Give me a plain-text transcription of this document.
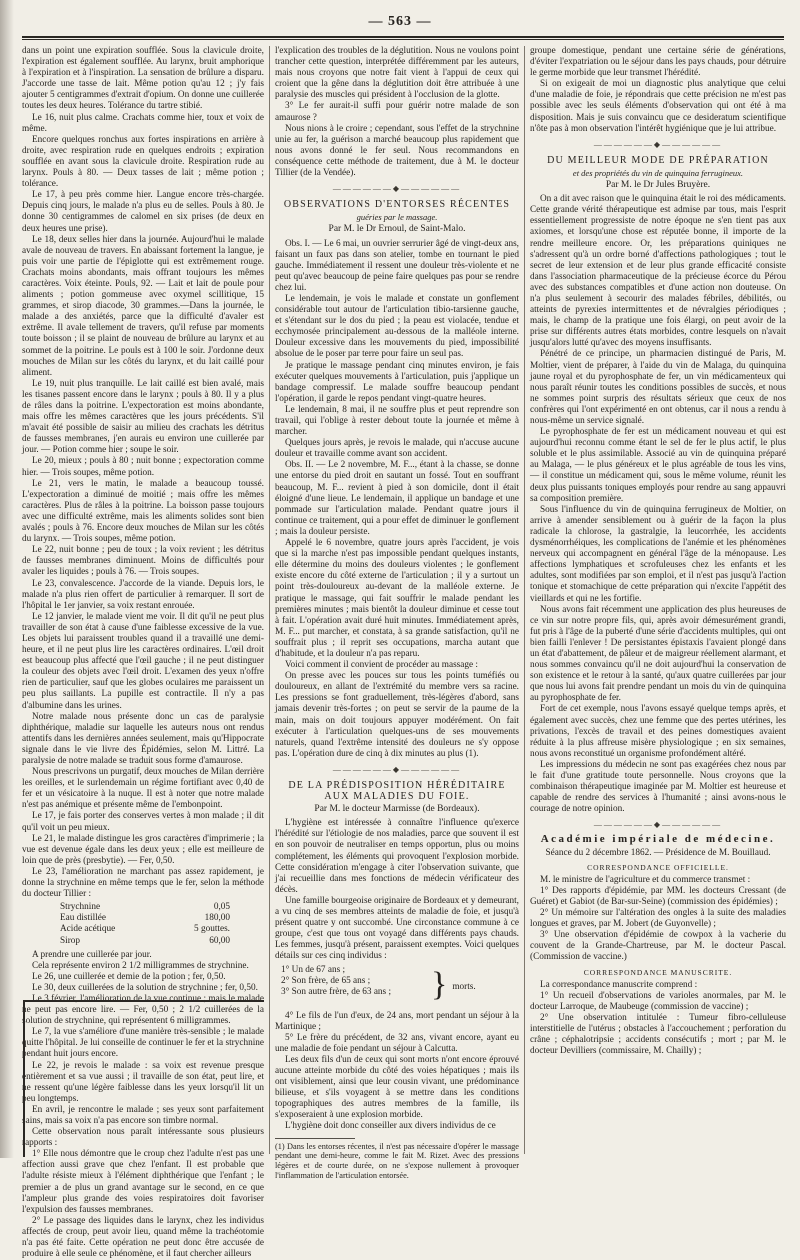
— 563 —

dans un point une expiration soufflée. Sous la clavicule droite, l'expiration est également soufflée. Au larynx, bruit amphorique à l'expiration et à l'inspiration. La sensation de brûlure a disparu. J'accorde une tasse de lait. Même potion qu'au 12 ; j'y fais ajouter 5 centigrammes d'extrait d'opium. On donne une cuillerée toutes les deux heures. Tolérance du tartre stibié.

Le 16, nuit plus calme. Crachats comme hier, toux et voix de même.

Encore quelques ronchus aux fortes inspirations en arrière à droite, avec respiration rude en quelques endroits ; expiration soufflée en avant sous la clavicule droite. Respiration rude au larynx. Pouls à 80. — Deux tasses de lait ; même potion ; tolérance.

Le 17, à peu près comme hier. Langue encore très-chargée. Depuis cinq jours, le malade n'a plus eu de selles. Pouls à 80. Je donne 30 centigrammes de calomel en six prises (de deux en deux heures une prise).

Le 18, deux selles hier dans la journée. Aujourd'hui le malade avale de nouveau de travers. En abaissant fortement la langue, je puis voir une partie de l'épiglotte qui est extrêmement rouge. Crachats moins abondants, mais offrant toujours les mêmes caractères. Voix éteinte. Pouls, 92. — Lait et lait de poule pour aliments ; potion gommeuse avec oxymel scillitique, 15 grammes, et sirop diacode, 30 grammes.—Dans la journée, le malade a des anxiétés, parce que la difficulté d'avaler est extrême. Il avale tellement de travers, qu'il refuse par moments toute boisson ; il se plaint de nouveau de brûlure au larynx et au sommet de la poitrine. Le pouls est à 100 le soir. J'ordonne deux mouches de Milan sur les côtés du larynx, et du lait caillé pour aliment.

Le 19, nuit plus tranquille. Le lait caillé est bien avalé, mais les tisanes passent encore dans le larynx ; pouls à 80. Il y a plus de râles dans la poitrine. L'expectoration est moins abondante, mais offre les mêmes caractères que les jours précédents. S'il m'avait été possible de saisir au milieu des crachats les détritus de fausses membranes, j'en aurais eu environ une cuillerée par jour. — Potion comme hier ; soupe le soir.

Le 20, mieux ; pouls à 80 ; nuit bonne ; expectoration comme hier. — Trois soupes, même potion.

Le 21, vers le matin, le malade a beaucoup toussé. L'expectoration a diminué de moitié ; mais offre les mêmes caractères. Plus de râles à la poitrine. La boisson passe toujours avec une difficulté extrême, mais les aliments solides sont bien avalés ; pouls à 76. Encore deux mouches de Milan sur les côtés du larynx. — Trois soupes, même potion.

Le 22, nuit bonne ; peu de toux ; la voix revient ; les détritus de fausses membranes diminuent. Moins de difficultés pour avaler les liquides ; pouls à 76. — Trois soupes.

Le 23, convalescence. J'accorde de la viande. Depuis lors, le malade n'a plus rien offert de particulier à remarquer. Il sort de l'hôpital le 1er janvier, sa voix restant enrouée.

Le 12 janvier, le malade vient me voir. Il dit qu'il ne peut plus travailler de son état à cause d'une faiblesse excessive de la vue. Les objets lui paraissent troubles quand il a travaillé une demi-heure, et il ne peut plus lire les caractères ordinaires. L'œil droit est beaucoup plus affecté que l'œil gauche ; il ne peut distinguer la couleur des objets avec l'œil droit. L'examen des yeux n'offre rien de particulier, sauf que les globes oculaires me paraissent un peu plus saillants. La pupille est contractile. Il n'y a pas d'albumine dans les urines.

Notre malade nous présente donc un cas de paralysie diphthérique, maladie sur laquelle les auteurs nous ont rendus attentifs dans les dernières années seulement, mais qu'Hippocrate signale dans le vie livre des Épidémies, selon M. Littré. La paralysie de notre malade se traduit sous forme d'amaurose.

Nous prescrivons un purgatif, deux mouches de Milan derrière les oreilles, et le surlendemain un régime fortifiant avec 0,40 de fer et un vésicatoire à la nuque. Il est à noter que notre malade n'est pas anémique et présente même de l'embonpoint.

Le 17, je fais porter des conserves vertes à mon malade ; il dit qu'il voit un peu mieux.

Le 21, le malade distingue les gros caractères d'imprimerie ; la vue est devenue égale dans les deux yeux ; elle est meilleure de loin que de près (presbytie). — Fer, 0,50.

Le 23, l'amélioration ne marchant pas assez rapidement, je donne la strychnine en même temps que le fer, selon la méthode du docteur Tillier :

Strychnine	0,05
Eau distillée	180,00
Acide acétique	5 gouttes.
Sirop	60,00

A prendre une cuillerée par jour.

Cela représente environ 2 1/2 milligrammes de strychnine.

Le 26, une cuillerée et demie de la potion ; fer, 0,50.

Le 30, deux cuillerées de la solution de strychnine ; fer, 0,50.

Le 3 février, l'amélioration de la vue continue ; mais le malade ne peut pas encore lire. — Fer, 0,50 ; 2 1/2 cuillerées de la solution de strychnine, qui représentent 6 milligrammes.

Le 7, la vue s'améliore d'une manière très-sensible ; le malade quitte l'hôpital. Je lui conseille de continuer le fer et la strychnine pendant huit jours encore.

Le 22, je revois le malade : sa voix est revenue presque entièrement et sa vue aussi ; il travaille de son état, peut lire, et ne ressent qu'une légère faiblesse dans les yeux lorsqu'il lit un peu longtemps.

En avril, je rencontre le malade ; ses yeux sont parfaitement sains, mais sa voix n'a pas encore son timbre normal.

Cette observation nous paraît intéressante sous plusieurs rapports :

1° Elle nous démontre que le croup chez l'adulte n'est pas une affection aussi grave que chez l'enfant. Il est probable que l'adulte résiste mieux à l'élément diphthérique que l'enfant ; le premier a de plus un grand avantage sur le second, en ce que l'ampleur plus grande des voies respiratoires doit favoriser l'expulsion des fausses membranes.

2° Le passage des liquides dans le larynx, chez les individus affectés de croup, peut avoir lieu, quand même la trachéotomie n'a pas été faite. Cette opération ne peut donc être accusée de produire à elle seule ce phénomène, et il faut chercher ailleurs

l'explication des troubles de la déglutition. Nous ne voulons point trancher cette question, interprétée différemment par les auteurs, mais nous croyons que notre fait vient à l'appui de ceux qui croient que la gêne dans la déglutition doit être attribuée à une paralysie des muscles qui président à l'occlusion de la glotte.

3° Le fer aurait-il suffi pour guérir notre malade de son amaurose ?

Nous nions à le croire ; cependant, sous l'effet de la strychnine unie au fer, la guérison a marché beaucoup plus rapidement que nous avons donné le fer seul. Nous recommandons en conséquence cette méthode de traitement, due à M. le docteur Tillier (de la Vendée).

——————◆——————
OBSERVATIONS D'ENTORSES RÉCENTES
guéries par le massage.
Par M. le Dr Ernoul, de Saint-Malo.

Obs. I. — Le 6 mai, un ouvrier serrurier âgé de vingt-deux ans, faisant un faux pas dans son atelier, tombe en tournant le pied gauche. Immédiatement il ressent une douleur très-violente et ne peut qu'avec beaucoup de peine faire quelques pas pour se rendre chez lui.

Le lendemain, je vois le malade et constate un gonflement considérable tout autour de l'articulation tibio-tarsienne gauche, et s'étendant sur le dos du pied ; la peau est violacée, tendue et ecchymosée principalement au-dessous de la malléole interne. Douleur excessive dans les mouvements du pied, impossibilité absolue de le poser par terre pour faire un seul pas.

Je pratique le massage pendant cinq minutes environ, je fais exécuter quelques mouvements à l'articulation, puis j'applique un bandage compressif. Le malade souffre beaucoup pendant l'opération, il garde le repos pendant vingt-quatre heures.

Le lendemain, 8 mai, il ne souffre plus et peut reprendre son travail, qui l'oblige à rester debout toute la journée et même à marcher.

Quelques jours après, je revois le malade, qui n'accuse aucune douleur et travaille comme avant son accident.

Obs. II. — Le 2 novembre, M. F..., étant à la chasse, se donne une entorse du pied droit en sautant un fossé. Tout en souffrant beaucoup, M. F... revient à pied à son domicile, dont il était éloigné d'une lieue. Le lendemain, il applique un bandage et une pommade sur l'articulation malade. Pendant quatre jours il continue ce traitement, qui a pour effet de diminuer le gonflement ; mais la douleur persiste.

Appelé le 6 novembre, quatre jours après l'accident, je vois que si la marche n'est pas impossible pendant quelques instants, elle détermine du moins des douleurs violentes ; le gonflement existe encore du côté externe de l'articulation ; il y a surtout un point très-douloureux au-devant de la malléole externe. Je pratique le massage, qui fait souffrir le malade pendant les premières minutes ; mais bientôt la douleur diminue et cesse tout à fait. L'opération avait duré huit minutes. Immédiatement après, M. F... put marcher, et constata, à sa grande satisfaction, qu'il ne souffrait plus ; il reprit ses occupations, marcha autant que d'habitude, et la douleur n'a pas reparu.

Voici comment il convient de procéder au massage :

On presse avec les pouces sur tous les points tuméfiés ou douloureux, en allant de l'extrémité du membre vers sa racine. Les pressions se font graduellement, très-légères d'abord, sans jamais devenir très-fortes ; on peut se servir de la paume de la main, mais on doit toujours appuyer modérément. On fait exécuter à l'articulation quelques-uns de ses mouvements naturels, quand l'extrême intensité des douleurs ne s'y oppose pas. L'opération dure de cinq à dix minutes au plus (1).

——————◆——————
DE LA PRÉDISPOSITION HÉRÉDITAIRE AUX MALADIES DU FOIE.
Par M. le docteur Marmisse (de Bordeaux).

L'hygiène est intéressée à connaître l'influence qu'exerce l'hérédité sur l'étiologie de nos maladies, parce que souvent il est en son pouvoir de neutraliser en temps opportun, plus ou moins complétement, les éléments qui provoquent l'explosion morbide. Cette considération m'engage à citer l'observation suivante, que j'ai recueillie dans mes fonctions de médecin vérificateur des décès.

Une famille bourgeoise originaire de Bordeaux et y demeurant, a vu cinq de ses membres atteints de maladie de foie, et jusqu'à présent quatre y ont succombé. Une circonstance commune à ce groupe, c'est que tous ont voyagé dans différents pays chauds. Les femmes, jusqu'à présent, paraissent exemptes. Voici quelques détails sur ces cinq individus :

1° Un de 67 ans ;
2° Son frère, de 65 ans ;
3° Son autre frère, de 63 ans ;	} morts.

4° Le fils de l'un d'eux, de 24 ans, mort pendant un séjour à la Martinique ;

5° Le frère du précédent, de 32 ans, vivant encore, ayant eu une maladie de foie pendant un séjour à Calcutta.

Les deux fils d'un de ceux qui sont morts n'ont encore éprouvé aucune atteinte morbide du côté des voies hépatiques ; mais ils ont visiblement, ainsi que leur cousin vivant, une prédominance bilieuse, et s'ils voyagent à se mettre dans les conditions topographiques des autres membres de la famille, ils s'exposeraient à une explosion morbide.

L'hygiène doit donc conseiller aux divers individus de ce

(1) Dans les entorses récentes, il n'est pas nécessaire d'opérer le massage pendant une demi-heure, comme le fait M. Rizet. Avec des pressions légères et de courte durée, on ne s'expose nullement à provoquer l'inflammation de l'articulation entorsée.

groupe domestique, pendant une certaine série de générations, d'éviter l'expatriation ou le séjour dans les pays chauds, pour détruire le germe morbide que leur transmet l'hérédité.

Si on exigeait de moi un diagnostic plus analytique que celui d'une maladie de foie, je répondrais que cette précision ne m'est pas possible avec les seuls éléments d'observation qui ont été à ma disposition. Mais je suis convaincu que ce desideratum scientifique n'ôte pas à mon observation l'intérêt hygiénique que je lui attribue.

——————◆——————
DU MEILLEUR MODE DE PRÉPARATION
et des propriétés du vin de quinquina ferrugineux.
Par M. le Dr Jules Bruyère.

On a dit avec raison que le quinquina était le roi des médicaments. Cette grande vérité thérapeutique est admise par tous, mais l'esprit essentiellement progressiste de notre époque ne s'en tient pas aux axiomes, et lorsqu'une chose est réputée bonne, il importe de la rendre meilleure encore. Or, les préparations quiniques ne s'adressent qu'à un ordre borné d'affections pathologiques ; tout le secret de leur extension et de leur plus grande efficacité consiste dans l'association pharmaceutique de la précieuse écorce du Pérou avec des substances compatibles et d'une action non douteuse. On n'a plus seulement à secourir des malades fébriles, débilités, ou atteints de pyrexies intermittentes et de névralgies périodiques ; mais, le champ de la pratique une fois élargi, on peut avoir de la prise sur différents autres états morbides, contre lesquels on n'avait jusqu'alors lutté qu'avec des moyens insuffisants.

Pénétré de ce principe, un pharmacien distingué de Paris, M. Moltier, vient de préparer, à l'aide du vin de Malaga, du quinquina jaune royal et du pyrophosphate de fer, un vin médicamenteux qui nous paraît réunir toutes les conditions possibles de succès, et nous ne sommes point surpris des résultats sérieux que ceux de nos confrères qui l'ont expérimenté en ont obtenus, car il nous a rendu à nous-même un service signalé.

Le pyrophosphate de fer est un médicament nouveau et qui est aujourd'hui reconnu comme étant le sel de fer le plus actif, le plus soluble et le plus assimilable. Associé au vin de quinquina préparé au Malaga, — le plus généreux et le plus agréable de tous les vins, — il constitue un médicament qui, sous le même volume, réunit les deux plus puissants toniques employés pour rendre au sang appauvri sa composition première.

Sous l'influence du vin de quinquina ferrugineux de Moltier, on arrive à amender sensiblement ou à guérir de la façon la plus radicale la chlorose, la gastralgie, la leucorrhée, les accidents dysménorrhéiques, les complications de l'anémie et les phénomènes nerveux qui accompagnent en général l'âge de la ménopause. Les affections lymphatiques et scrofuleuses chez les enfants et les adultes, sont modifiées par son emploi, et il n'est pas jusqu'à l'action tonique et stomachique de cette préparation qui n'excite l'appétit des vieillards et qui ne les fortifie.

Nous avons fait récemment une application des plus heureuses de ce vin sur notre propre fils, qui, après avoir démesurément grandi, fut pris à l'âge de la puberté d'une série d'accidents multiples, qui ont bien failli l'enlever ! De persistantes épistaxis l'avaient plongé dans un état d'abattement, de pâleur et de maigreur réellement alarmant, et nous sommes convaincu qu'il ne doit aujourd'hui la conservation de son existence et le retour à la santé, qu'aux quatre cuillerées par jour que nous lui avons fait prendre pendant un mois du vin de quinquina au pyrophosphate de fer.

Fort de cet exemple, nous l'avons essayé quelque temps après, et également avec succès, chez une femme que des pertes utérines, les privations, l'excès de travail et des peines domestiques avaient réduite à la plus affreuse misère physiologique ; en six semaines, nous avons reconstitué un organisme profondément altéré.

Les impressions du médecin ne sont pas exagérées chez nous par le fait d'une gratitude toute personnelle. Nous croyons que la combinaison thérapeutique imaginée par M. Moltier est heureuse et capable de rendre des services à l'humanité ; ainsi avons-nous le courage de notre opinion.

——————◆——————
Académie impériale de médecine.
Séance du 2 décembre 1862. — Présidence de M. Bouillaud.
CORRESPONDANCE OFFICIELLE.

M. le ministre de l'agriculture et du commerce transmet :

1° Des rapports d'épidémie, par MM. les docteurs Cressant (de Guéret) et Gabiot (de Bar-sur-Seine) (commission des épidémies) ;

2° Un mémoire sur l'altération des ongles à la suite des maladies longues et graves, par M. Jobert (de Guyonvelle) ;

3° Une observation d'épidémie de cowpox à la vacherie du couvent de la Grande-Chartreuse, par M. le docteur Pascal. (Commission de vaccine.)

CORRESPONDANCE MANUSCRITE.

La correspondance manuscrite comprend :

1° Un recueil d'observations de varioles anormales, par M. le docteur Larroque, de Maubeuge (commission de vaccine) ;

2° Une observation intitulée : Tumeur fibro-celluleuse interstitielle de l'utérus ; obstacles à l'accouchement ; perforation du crâne ; céphalotripsie ; accidents consécutifs ; mort ; par M. le docteur Devilliers (commissaire, M. Chailly) ;
